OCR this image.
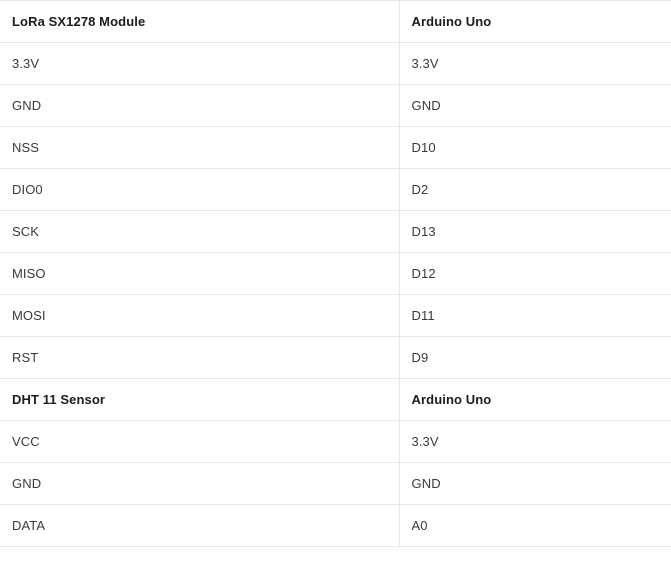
LoRa SX1278 Module	Arduino Uno
3.3V	3.3V
GND	GND
NSS	D10
DIO0	D2
SCK	D13
MISO	D12
MOSI	D11
RST	D9
DHT 11 Sensor	Arduino Uno
VCC	3.3V
GND	GND
DATA	A0
